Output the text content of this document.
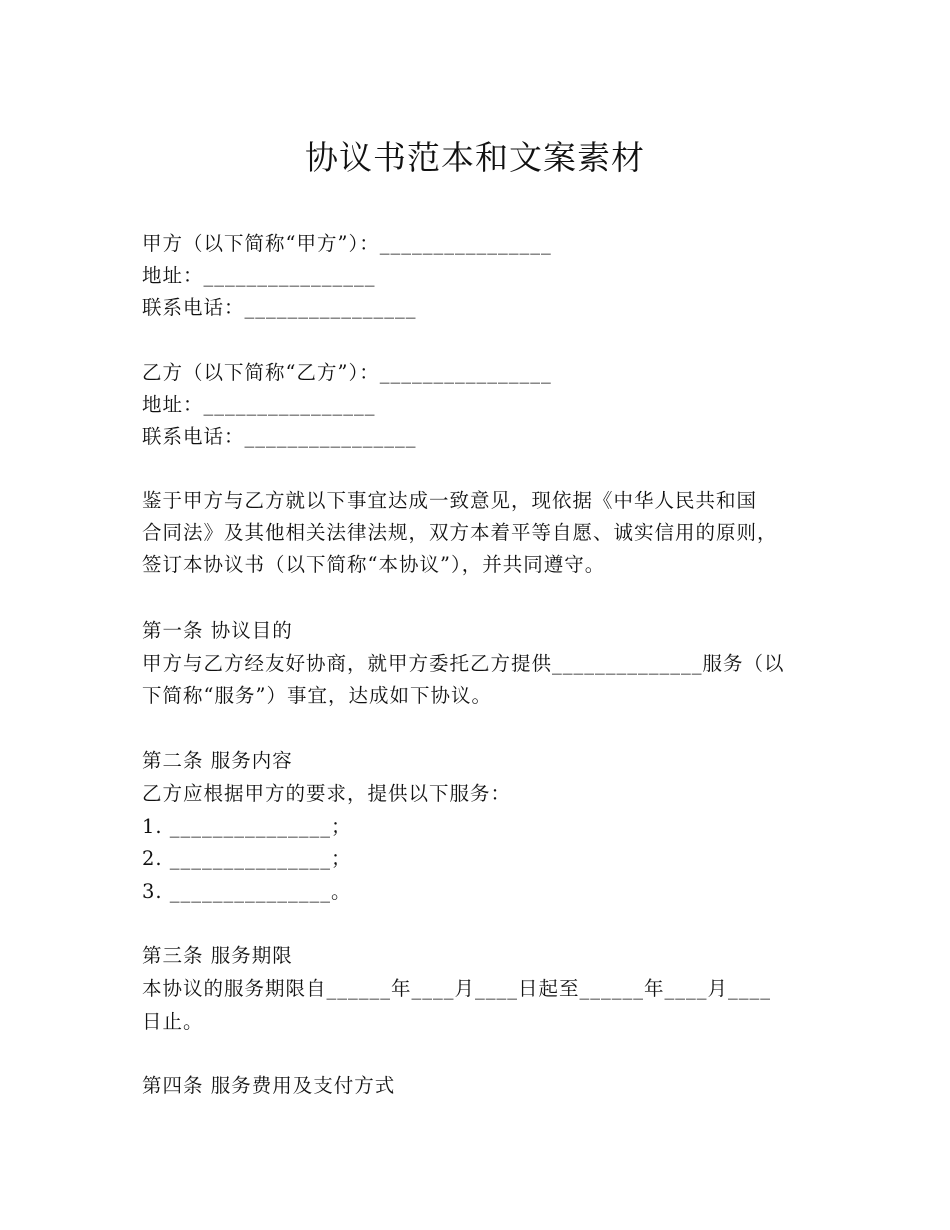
协议书范本和文案素材
甲方（以下简称“甲方”）：________________
地址：________________
联系电话：________________
乙方（以下简称“乙方”）：________________
地址：________________
联系电话：________________
鉴于甲方与乙方就以下事宜达成一致意见，现依据《中华人民共和国
合同法》及其他相关法律法规，双方本着平等自愿、诚实信用的原则，
签订本协议书（以下简称“本协议”），并共同遵守。
第一条 协议目的
甲方与乙方经友好协商，就甲方委托乙方提供______________服务（以
下简称“服务”）事宜，达成如下协议。
第二条 服务内容
乙方应根据甲方的要求，提供以下服务：
1. _______________；
2. _______________；
3. _______________。
第三条 服务期限
本协议的服务期限自______年____月____日起至______年____月____
日止。
第四条 服务费用及支付方式
